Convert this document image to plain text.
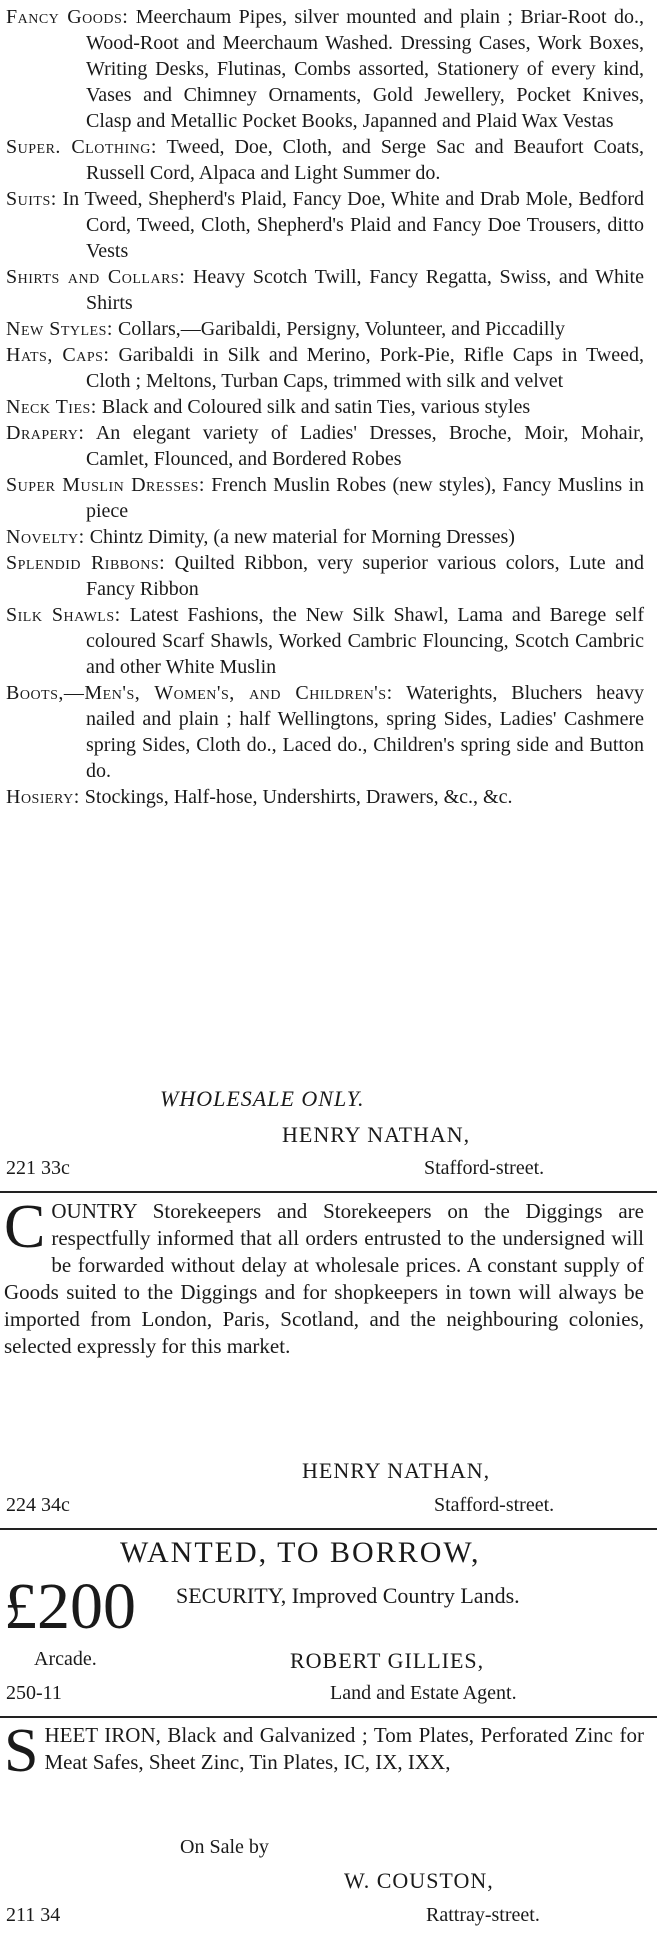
Fancy Goods: Meerchaum Pipes, silver mounted and plain ; Briar-Root do., Wood-Root and Meerchaum Washed. Dressing Cases, Work Boxes, Writing Desks, Flutinas, Combs assorted, Stationery of every kind, Vases and Chimney Ornaments, Gold Jewellery, Pocket Knives, Clasp and Metallic Pocket Books, Japanned and Plaid Wax Vestas

Super. Clothing: Tweed, Doe, Cloth, and Serge Sac and Beaufort Coats, Russell Cord, Alpaca and Light Summer do.

Suits: In Tweed, Shepherd's Plaid, Fancy Doe, White and Drab Mole, Bedford Cord, Tweed, Cloth, Shepherd's Plaid and Fancy Doe Trousers, ditto Vests

Shirts and Collars: Heavy Scotch Twill, Fancy Regatta, Swiss, and White Shirts

New Styles: Collars,—Garibaldi, Persigny, Volunteer, and Piccadilly

Hats, Caps: Garibaldi in Silk and Merino, Pork-Pie, Rifle Caps in Tweed, Cloth ; Meltons, Turban Caps, trimmed with silk and velvet

Neck Ties: Black and Coloured silk and satin Ties, various styles

Drapery: An elegant variety of Ladies' Dresses, Broche, Moir, Mohair, Camlet, Flounced, and Bordered Robes

Super Muslin Dresses: French Muslin Robes (new styles), Fancy Muslins in piece

Novelty: Chintz Dimity, (a new material for Morning Dresses)

Splendid Ribbons: Quilted Ribbon, very superior various colors, Lute and Fancy Ribbon

Silk Shawls: Latest Fashions, the New Silk Shawl, Lama and Barege self coloured Scarf Shawls, Worked Cambric Flouncing, Scotch Cambric and other White Muslin

Boots,—Men's, Women's, and Children's: Waterights, Bluchers heavy nailed and plain ; half Wellingtons, spring Sides, Ladies' Cashmere spring Sides, Cloth do., Laced do., Children's spring side and Button do.

Hosiery: Stockings, Half-hose, Undershirts, Drawers, &c., &c.

WHOLESALE ONLY.
HENRY NATHAN,
221 33c	Stafford-street.

COUNTRY Storekeepers and Storekeepers on the Diggings are respectfully informed that all orders entrusted to the undersigned will be forwarded without delay at wholesale prices. A constant supply of Goods suited to the Diggings and for shopkeepers in town will always be imported from London, Paris, Scotland, and the neighbouring colonies, selected expressly for this market.

HENRY NATHAN,
224 34c	Stafford-street.
WANTED, TO BORROW,
£200 SECURITY, Improved Country Lands.
Arcade.	ROBERT GILLIES,
250-11	Land and Estate Agent.

SHEET IRON, Black and Galvanized ; Tom Plates, Perforated Zinc for Meat Safes, Sheet Zinc, Tin Plates, IC, IX, IXX,

On Sale by
W. COUSTON,
211 34	Rattray-street.
